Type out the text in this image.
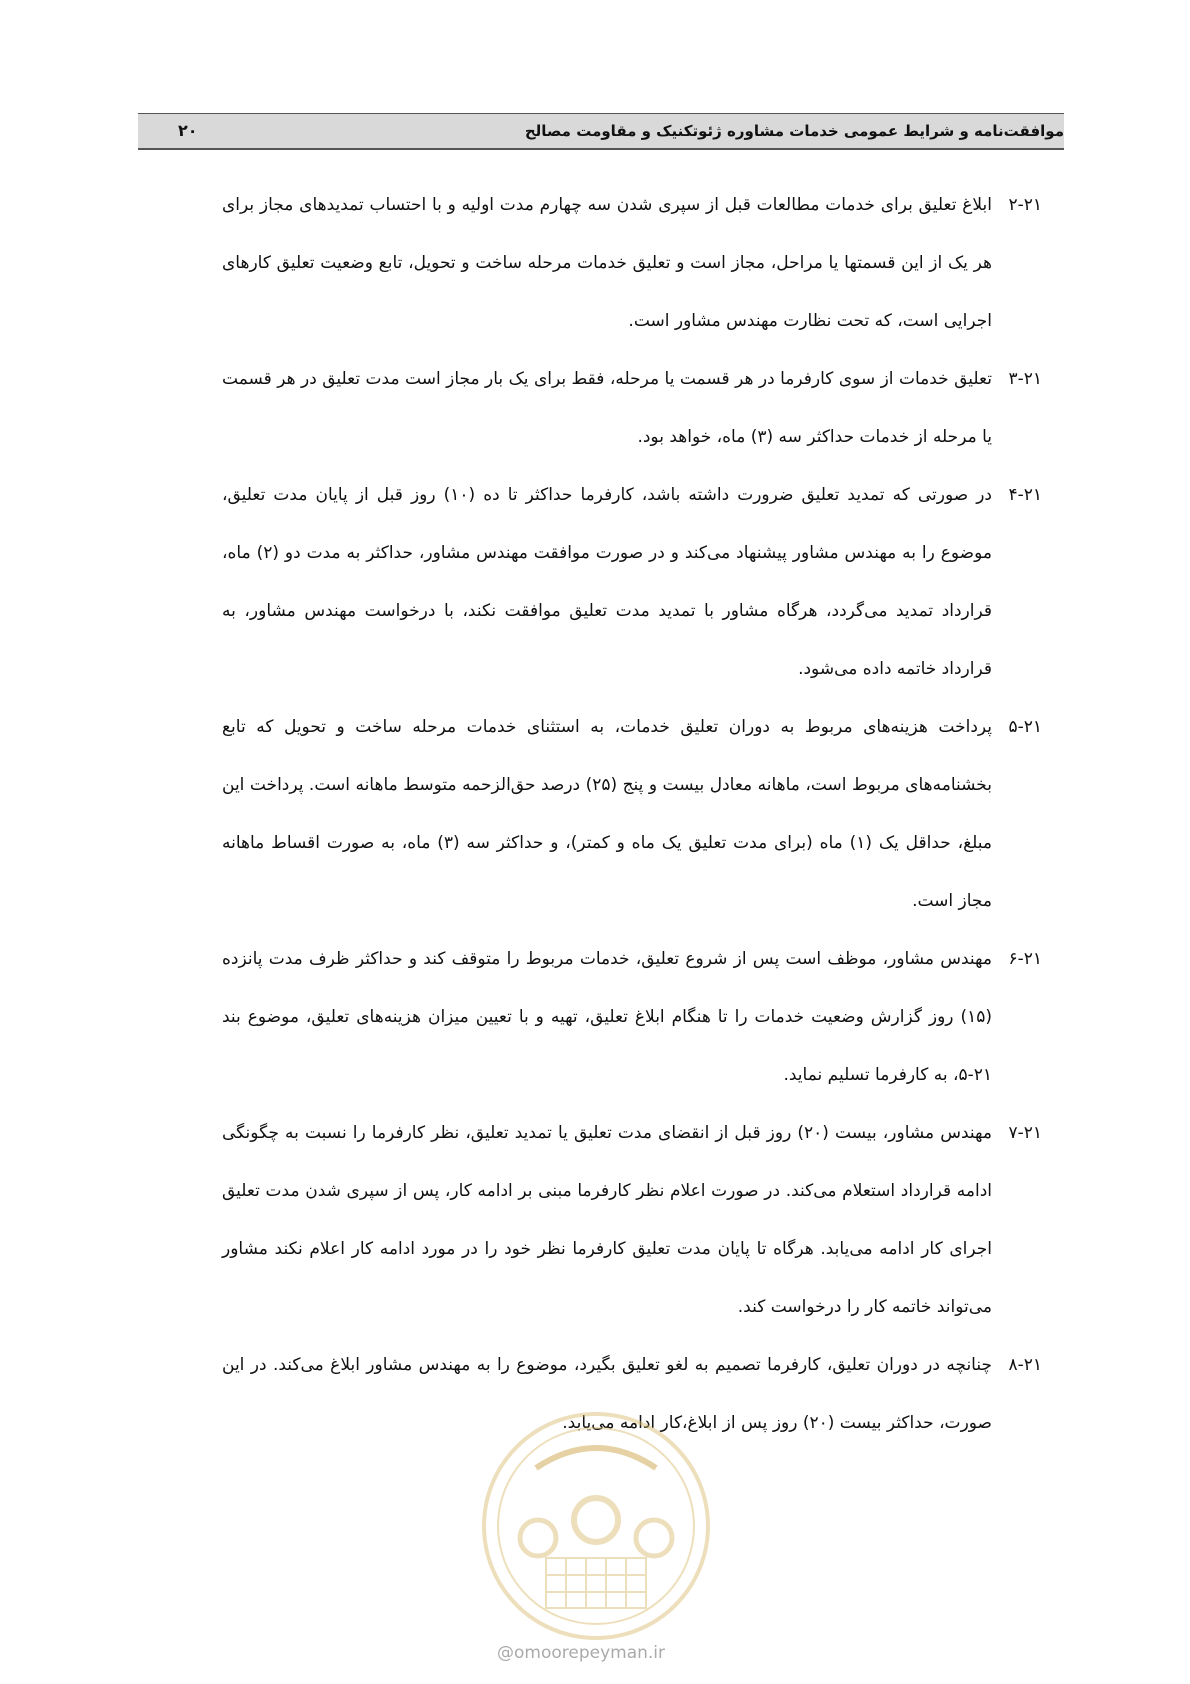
موافقت‌نامه و شرایط عمومی خدمات مشاوره ژئوتکنیک و مقاومت مصالح
۲۰
۲-۲۱

ابلاغ تعلیق برای خدمات مطالعات قبل از سپری شدن سه چهارم مدت اولیه و با احتساب تمدیدهای مجاز برای هر یک از این قسمتها یا مراحل، مجاز است و تعلیق خدمات مرحله ساخت و تحویل، تابع وضعیت تعلیق کارهای اجرایی است، که تحت نظارت مهندس مشاور است.

۳-۲۱

تعلیق خدمات از سوی کارفرما در هر قسمت یا مرحله، فقط برای یک بار مجاز است مدت تعلیق در هر قسمت یا مرحله از خدمات حداکثر سه (۳) ماه، خواهد بود.

۴-۲۱

در صورتی که تمدید تعلیق ضرورت داشته باشد، کارفرما حداکثر تا ده (۱۰) روز قبل از پایان مدت تعلیق، موضوع را به مهندس مشاور پیشنهاد می‌کند و در صورت موافقت مهندس مشاور، حداکثر به مدت دو (۲) ماه، قرارداد تمدید می‌گردد، هرگاه مشاور با تمدید مدت تعلیق موافقت نکند، با درخواست مهندس مشاور، به قرارداد خاتمه داده می‌شود.

۵-۲۱

پرداخت هزینه‌های مربوط به دوران تعلیق خدمات، به استثنای خدمات مرحله ساخت و تحویل که تابع بخشنامه‌های مربوط است، ماهانه معادل بیست و پنج (۲۵) درصد حق‌الزحمه متوسط ماهانه است. پرداخت این مبلغ، حداقل یک (۱) ماه (برای مدت تعلیق یک ماه و کمتر)، و حداکثر سه (۳) ماه، به صورت اقساط ماهانه مجاز است.

۶-۲۱

مهندس مشاور، موظف است پس از شروع تعلیق، خدمات مربوط را متوقف کند و حداکثر ظرف مدت پانزده (۱۵) روز گزارش وضعیت خدمات را تا هنگام ابلاغ تعلیق، تهیه و با تعیین میزان هزینه‌های تعلیق، موضوع بند ۲۱-۵، به کارفرما تسلیم نماید.

۷-۲۱

مهندس مشاور، بیست (۲۰) روز قبل از انقضای مدت تعلیق یا تمدید تعلیق، نظر کارفرما را نسبت به چگونگی ادامه قرارداد استعلام می‌کند. در صورت اعلام نظر کارفرما مبنی بر ادامه کار، پس از سپری شدن مدت تعلیق اجرای کار ادامه می‌یابد. هرگاه تا پایان مدت تعلیق کارفرما نظر خود را در مورد ادامه کار اعلام نکند مشاور می‌تواند خاتمه کار را درخواست کند.

۸-۲۱

چنانچه در دوران تعلیق، کارفرما تصمیم به لغو تعلیق بگیرد، موضوع را به مهندس مشاور ابلاغ می‌کند. در این صورت، حداکثر بیست (۲۰) روز پس از ابلاغ،کار ادامه می‌یابد.

@omoorepeyman.ir
